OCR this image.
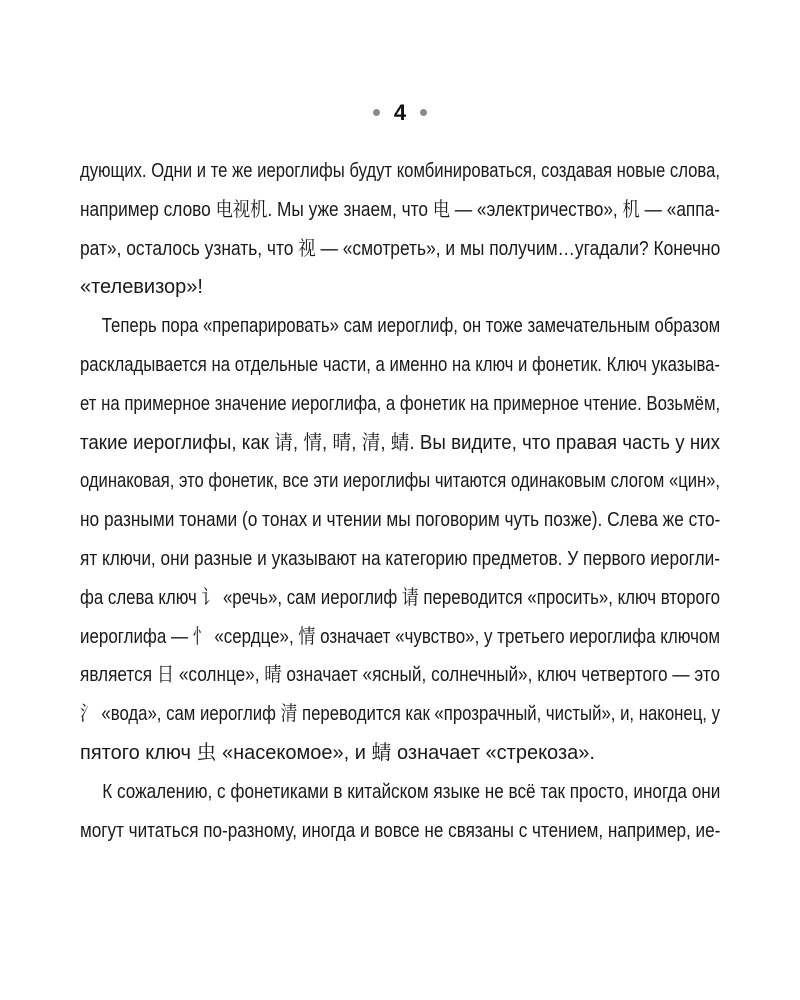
4
дующих. Одни и те же иероглифы будут комбинироваться, создавая новые слова,
например слово 电视机. Мы уже знаем, что 电 — «электричество», 机 — «аппа-
рат», осталось узнать, что 视 — «смотреть», и мы получим…угадали? Конечно
«телевизор»!
Теперь пора «препарировать» сам иероглиф, он тоже замечательным образом
раскладывается на отдельные части, а именно на ключ и фонетик. Ключ указыва-
ет на примерное значение иероглифа, а фонетик на примерное чтение. Возьмём,
такие иероглифы, как 请, 情, 晴, 清, 蜻. Вы видите, что правая часть у них
одинаковая, это фонетик, все эти иероглифы читаются одинаковым слогом «цин»,
но разными тонами (о тонах и чтении мы поговорим чуть позже). Слева же сто-
ят ключи, они разные и указывают на категорию предметов. У первого иерогли-
фа слева ключ 讠 «речь», сам иероглиф 请 переводится «просить», ключ второго
иероглифа — 忄 «сердце», 情 означает «чувство», у третьего иероглифа ключом
является 日 «солнце», 晴 означает «ясный, солнечный», ключ четвертого — это
氵 «вода», сам иероглиф 清 переводится как «прозрачный, чистый», и, наконец, у
пятого ключ 虫 «насекомое», и 蜻 означает «стрекоза».
К сожалению, с фонетиками в китайском языке не всё так просто, иногда они
могут читаться по-разному, иногда и вовсе не связаны с чтением, например, ие-
